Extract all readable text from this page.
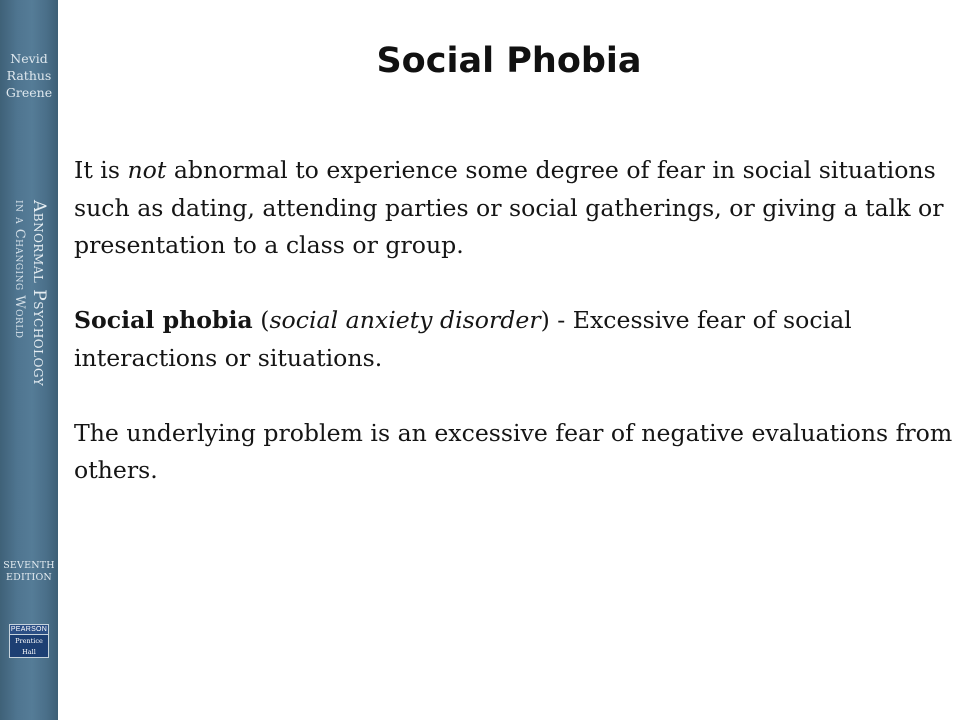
Nevid
Rathus
Greene
Abnormal Psychology
in a Changing World
SEVENTH
EDITION
PEARSON
Prentice Hall
Social Phobia

It is not abnormal to experience some degree of fear in social situations such as dating, attending parties or social gatherings, or giving a talk or presentation to a class or group.

Social phobia (social anxiety disorder) - Excessive fear of social interactions or situations.

The underlying problem is an excessive fear of negative evaluations from others.
